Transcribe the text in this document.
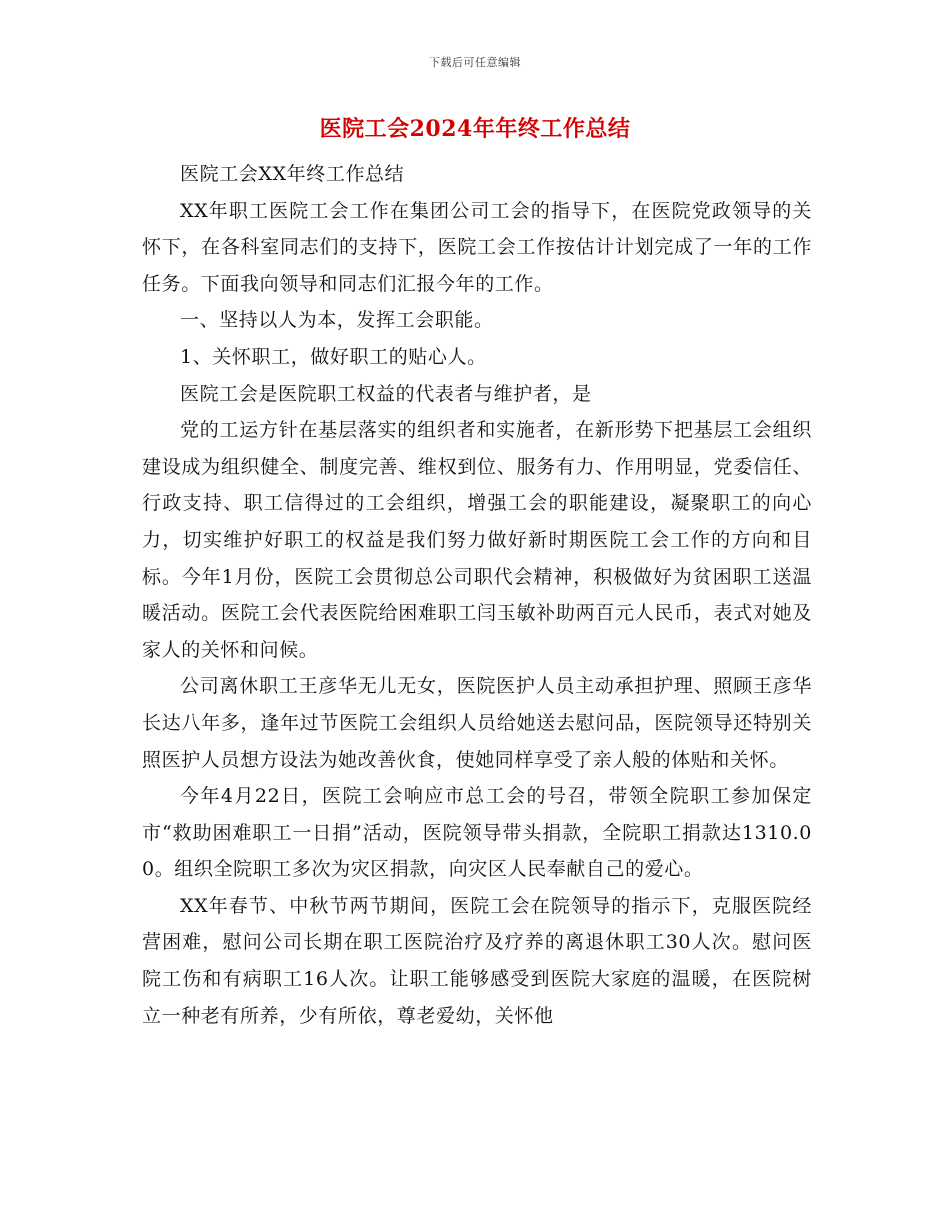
下载后可任意编辑
医院工会2024年年终工作总结

医院工会XX年终工作总结

XX年职工医院工会工作在集团公司工会的指导下，在医院党政领导的关怀下，在各科室同志们的支持下，医院工会工作按估计计划完成了一年的工作任务。下面我向领导和同志们汇报今年的工作。

一、坚持以人为本，发挥工会职能。

1、关怀职工，做好职工的贴心人。

医院工会是医院职工权益的代表者与维护者，是

党的工运方针在基层落实的组织者和实施者，在新形势下把基层工会组织建设成为组织健全、制度完善、维权到位、服务有力、作用明显，党委信任、行政支持、职工信得过的工会组织，增强工会的职能建设，凝聚职工的向心力，切实维护好职工的权益是我们努力做好新时期医院工会工作的方向和目标。今年1月份，医院工会贯彻总公司职代会精神，积极做好为贫困职工送温暖活动。医院工会代表医院给困难职工闫玉敏补助两百元人民币，表式对她及家人的关怀和问候。

公司离休职工王彦华无儿无女，医院医护人员主动承担护理、照顾王彦华长达八年多，逢年过节医院工会组织人员给她送去慰问品，医院领导还特别关照医护人员想方设法为她改善伙食，使她同样享受了亲人般的体贴和关怀。

今年4月22日，医院工会响应市总工会的号召，带领全院职工参加保定市“救助困难职工一日捐”活动，医院领导带头捐款，全院职工捐款达1310.00。组织全院职工多次为灾区捐款，向灾区人民奉献自己的爱心。

XX年春节、中秋节两节期间，医院工会在院领导的指示下，克服医院经营困难，慰问公司长期在职工医院治疗及疗养的离退休职工30人次。慰问医院工伤和有病职工16人次。让职工能够感受到医院大家庭的温暖，在医院树立一种老有所养，少有所依，尊老爱幼，关怀他
